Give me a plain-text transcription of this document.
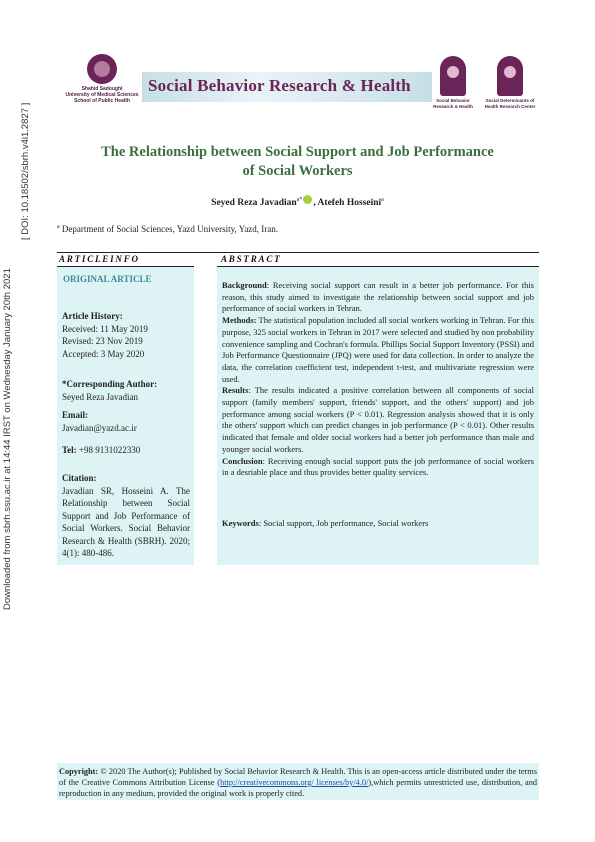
Downloaded from sbrh.ssu.ac.ir at 14:44 IRST on Wednesday January 20th 2021
[ DOI: 10.18502/sbrh.v4i1.2827 ]
Shahid Sadoughi
University of Medical Sciences
School of Public Health
Social Behavior Research & Health
Social Behavior
Research & Health
Social Determinants of
Health Research Center
The Relationship between Social Support and Job Performance
of Social Workers
Seyed Reza Javadian$^{a*}$ , Atefeh Hosseini$^a$
$^a$ Department of Social Sciences, Yazd University, Yazd, Iran.
ARTICLEINFO	ABSTRACT
ORIGINAL ARTICLE
Article History:
Received: 11 May 2019
Revised: 23 Nov 2019
Accepted: 3 May 2020
*Corresponding Author:
Seyed Reza Javadian
Email:
Javadian@yazd.ac.ir
Tel: +98 9131022330
Citation:
Javadian SR, Hosseini A. The Relationship between Social Support and Job Performance of Social Workers. Social Behavior Research & Health (SBRH). 2020; 4(1): 480-486.

Background: Receiving social support can result in a better job performance. For this reason, this study aimed to investigate the relationship between social support and job performance of social workers in Tehran.

Methods: The statistical population included all social workers working in Tehran. For this purpose, 325 social workers in Tehran in 2017 were selected and studied by non probability convenience sampling and Cochran's formula. Phillips Social Support Inventory (PSSI) and Job Performance Questionnaire (JPQ) were used for data collection. In order to analyze the data, the correlation coefficient test, independent t-test, and multivariate regression were used.

Results: The results indicated a positive correlation between all components of social support (family members' support, friends' support, and the others' support) and job performance among social workers (P < 0.01). Regression analysis showed that it is only the others' support which can predict changes in job performance (P < 0.01). Other results indicated that female and older social workers had a better job performance than male and younger social workers.

Conclusion: Receiving enough social support puts the job performance of social workers in a desriable place and thus provides better quality services.

Keywords: Social support, Job performance, Social workers
Copyright: © 2020 The Author(s); Published by Social Behavior Research & Health. This is an open-access article distributed under the terms of the Creative Commons Attribution License (http://creativecommons.org/ licenses/by/4.0/),which permits unrestricted use, distribution, and reproduction in any medium, provided the original work is properly cited.
